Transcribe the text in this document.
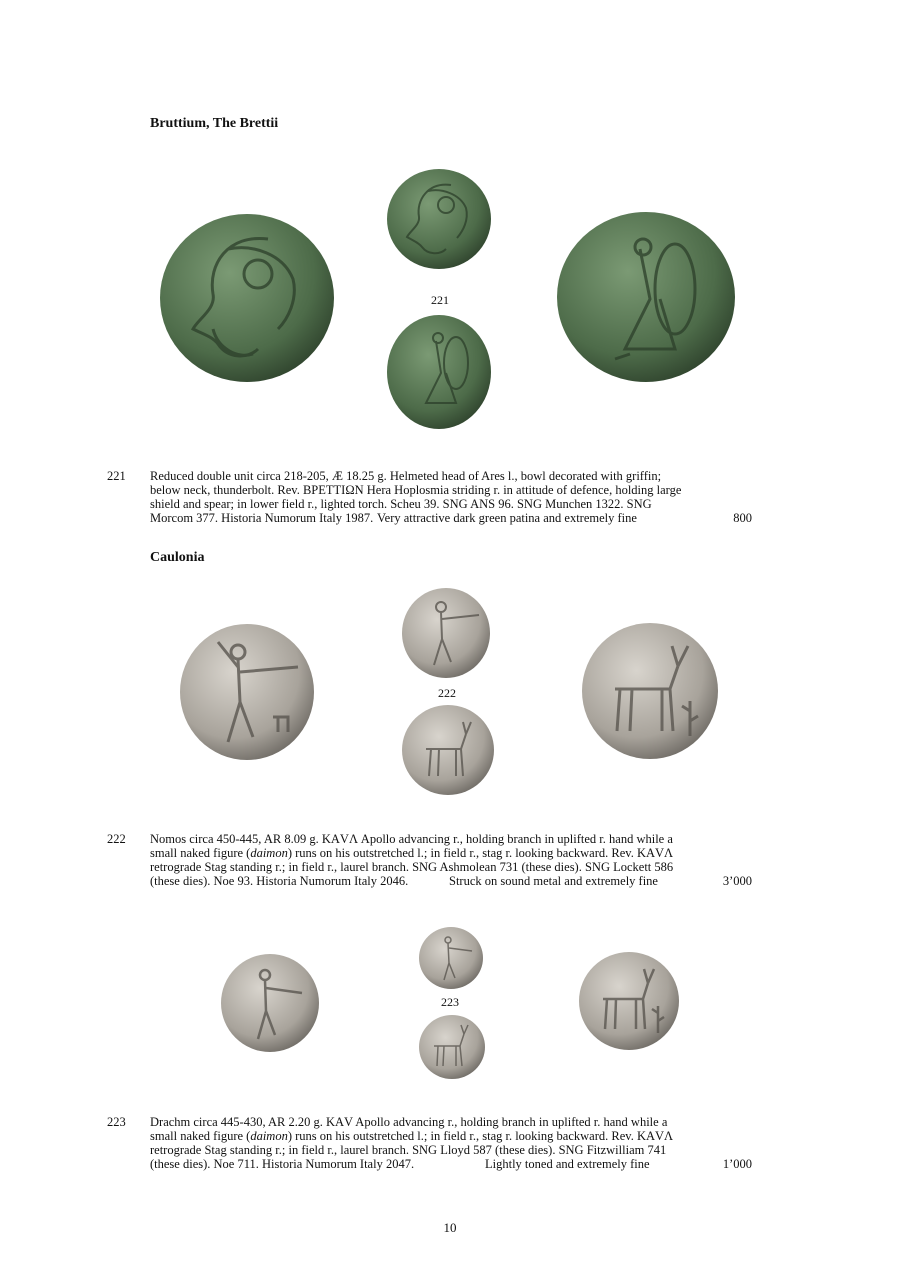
Bruttium, The Brettii
221
221 Reduced double unit circa 218-205, Æ 18.25 g. Helmeted head of Ares l., bowl decorated with griffin;

below neck, thunderbolt. Rev. ΒΡΕΤΤΙΩΝ Hera Hoplosmia striding r. in attitude of defence, holding large

shield and spear; in lower field r., lighted torch. Scheu 39. SNG ANS 96. SNG Munchen 1322. SNG

Morcom 377. Historia Numorum Italy 1987. Very attractive dark green patina and extremely fine	800
Caulonia
222
222 Nomos circa 450-445, AR 8.09 g. ΚΑVΛ Apollo advancing r., holding branch in uplifted r. hand while a

small naked figure (daimon) runs on his outstretched l.; in field r., stag r. looking backward. Rev. ΚΑVΛ

retrograde Stag standing r.; in field r., laurel branch. SNG Ashmolean 731 (these dies). SNG Lockett 586

(these dies). Noe 93. Historia Numorum Italy 2046.	Struck on sound metal and extremely fine	3’000
223
223 Drachm circa 445-430, AR 2.20 g. ΚΑV Apollo advancing r., holding branch in uplifted r. hand while a

small naked figure (daimon) runs on his outstretched l.; in field r., stag r. looking backward. Rev. ΚΑVΛ

retrograde Stag standing r.; in field r., laurel branch. SNG Lloyd 587 (these dies). SNG Fitzwilliam 741

(these dies). Noe 711. Historia Numorum Italy 2047.	Lightly toned and extremely fine	1’000
10
